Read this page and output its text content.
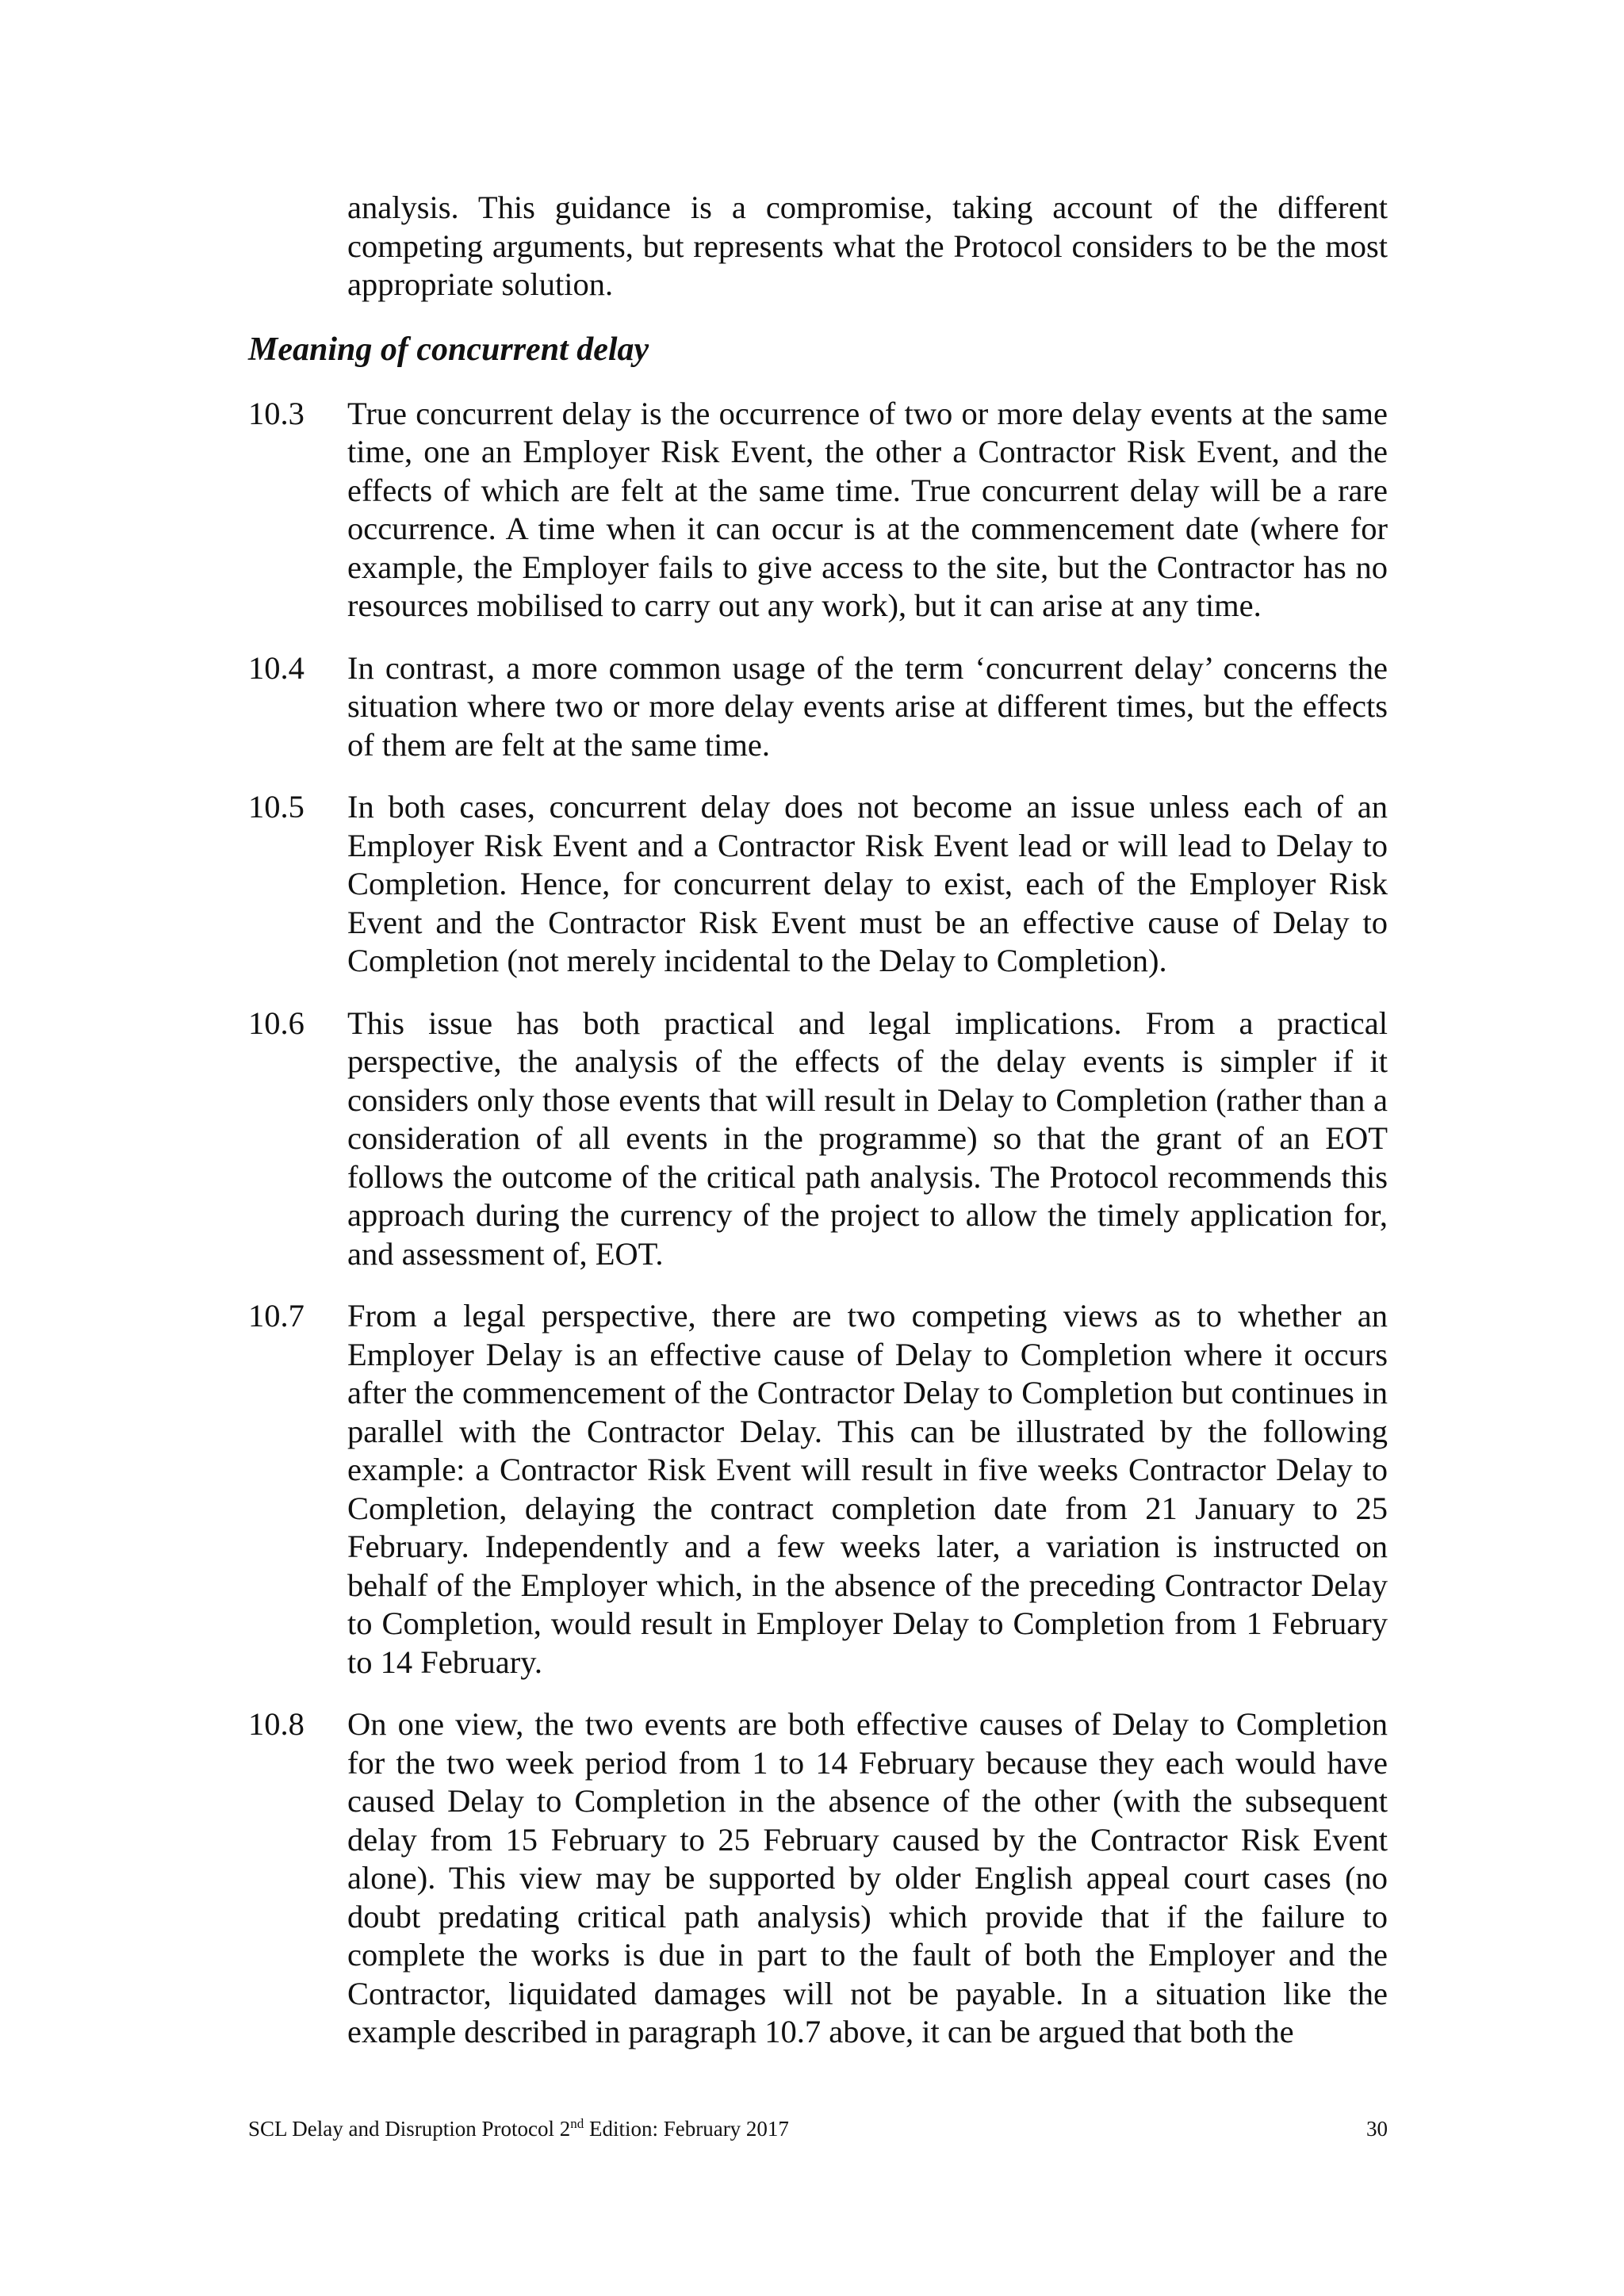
analysis. This guidance is a compromise, taking account of the different competing arguments, but represents what the Protocol considers to be the most appropriate solution.

Meaning of concurrent delay
10.3	True concurrent delay is the occurrence of two or more delay events at the same time, one an Employer Risk Event, the other a Contractor Risk Event, and the effects of which are felt at the same time. True concurrent delay will be a rare occurrence. A time when it can occur is at the commencement date (where for example, the Employer fails to give access to the site, but the Contractor has no resources mobilised to carry out any work), but it can arise at any time.

10.4	In contrast, a more common usage of the term ‘concurrent delay’ concerns the situation where two or more delay events arise at different times, but the effects of them are felt at the same time.

10.5	In both cases, concurrent delay does not become an issue unless each of an Employer Risk Event and a Contractor Risk Event lead or will lead to Delay to Completion. Hence, for concurrent delay to exist, each of the Employer Risk Event and the Contractor Risk Event must be an effective cause of Delay to Completion (not merely incidental to the Delay to Completion).

10.6	This issue has both practical and legal implications. From a practical perspective, the analysis of the effects of the delay events is simpler if it considers only those events that will result in Delay to Completion (rather than a consideration of all events in the programme) so that the grant of an EOT follows the outcome of the critical path analysis. The Protocol recommends this approach during the currency of the project to allow the timely application for, and assessment of, EOT.

10.7	From a legal perspective, there are two competing views as to whether an Employer Delay is an effective cause of Delay to Completion where it occurs after the commencement of the Contractor Delay to Completion but continues in parallel with the Contractor Delay. This can be illustrated by the following example: a Contractor Risk Event will result in five weeks Contractor Delay to Completion, delaying the contract completion date from 21 January to 25 February. Independently and a few weeks later, a variation is instructed on behalf of the Employer which, in the absence of the preceding Contractor Delay to Completion, would result in Employer Delay to Completion from 1 February to 14 February.

10.8	On one view, the two events are both effective causes of Delay to Completion for the two week period from 1 to 14 February because they each would have caused Delay to Completion in the absence of the other (with the subsequent delay from 15 February to 25 February caused by the Contractor Risk Event alone). This view may be supported by older English appeal court cases (no doubt predating critical path analysis) which provide that if the failure to complete the works is due in part to the fault of both the Employer and the Contractor, liquidated damages will not be payable. In a situation like the example described in paragraph 10.7 above, it can be argued that both the

SCL Delay and Disruption Protocol 2nd Edition: February 2017	30
